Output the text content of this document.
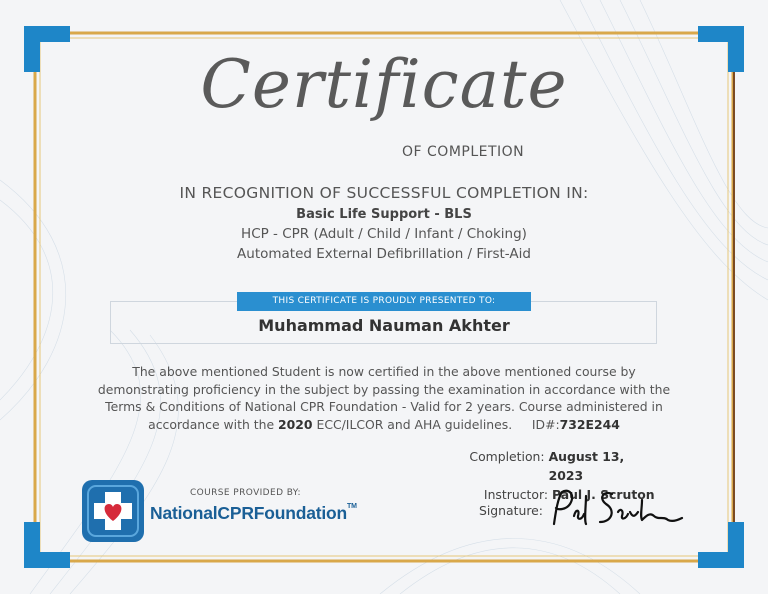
Certificate
OF COMPLETION
IN RECOGNITION OF SUCCESSFUL COMPLETION IN:
Basic Life Support - BLS
HCP - CPR (Adult / Child / Infant / Choking)
Automated External Defibrillation / First-Aid
THIS CERTIFICATE IS PROUDLY PRESENTED TO:
Muhammad Nauman Akhter
The above mentioned Student is now certified in the above mentioned course by
demonstrating proficiency in the subject by passing the examination in accordance with the
Terms & Conditions of National CPR Foundation - Valid for 2 years. Course administered in
accordance with the 2020 ECC/ILCOR and AHA guidelines. ID#:732E244
Completion: August 13, 2023
Instructor: Paul J. Scruton
Signature:
COURSE PROVIDED BY:
NationalCPRFoundation™
